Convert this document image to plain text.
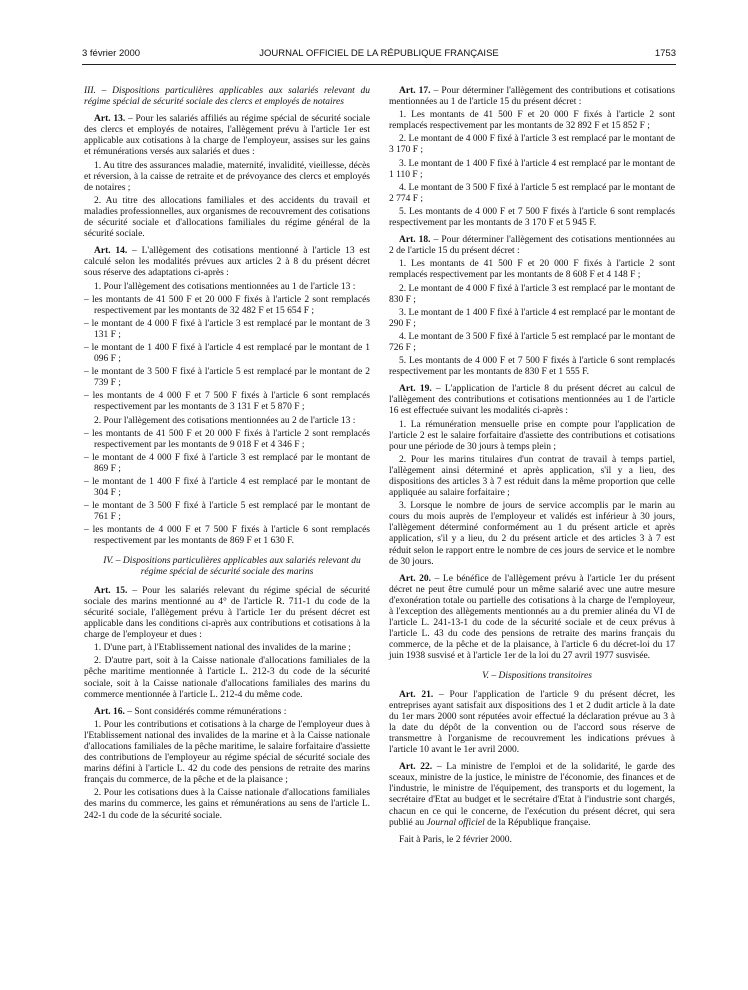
3 février 2000	JOURNAL OFFICIEL DE LA RÉPUBLIQUE FRANÇAISE	1753

III. – Dispositions particulières applicables aux salariés relevant du régime spécial de sécurité sociale des clercs et employés de notaires

Art. 13. – Pour les salariés affiliés au régime spécial de sécurité sociale des clercs et employés de notaires, l'allègement prévu à l'article 1er est applicable aux cotisations à la charge de l'employeur, assises sur les gains et rémunérations versés aux salariés et dues :

1. Au titre des assurances maladie, maternité, invalidité, vieillesse, décès et réversion, à la caisse de retraite et de prévoyance des clercs et employés de notaires ;

2. Au titre des allocations familiales et des accidents du travail et maladies professionnelles, aux organismes de recouvrement des cotisations de sécurité sociale et d'allocations familiales du régime général de la sécurité sociale.

Art. 14. – L'allègement des cotisations mentionné à l'article 13 est calculé selon les modalités prévues aux articles 2 à 8 du présent décret sous réserve des adaptations ci-après :

1. Pour l'allègement des cotisations mentionnées au 1 de l'article 13 :

– les montants de 41 500 F et 20 000 F fixés à l'article 2 sont remplacés respectivement par les montants de 32 482 F et 15 654 F ;

– le montant de 4 000 F fixé à l'article 3 est remplacé par le montant de 3 131 F ;

– le montant de 1 400 F fixé à l'article 4 est remplacé par le montant de 1 096 F ;

– le montant de 3 500 F fixé à l'article 5 est remplacé par le montant de 2 739 F ;

– les montants de 4 000 F et 7 500 F fixés à l'article 6 sont remplacés respectivement par les montants de 3 131 F et 5 870 F ;

2. Pour l'allègement des cotisations mentionnées au 2 de l'article 13 :

– les montants de 41 500 F et 20 000 F fixés à l'article 2 sont remplacés respectivement par les montants de 9 018 F et 4 346 F ;

– le montant de 4 000 F fixé à l'article 3 est remplacé par le montant de 869 F ;

– le montant de 1 400 F fixé à l'article 4 est remplacé par le montant de 304 F ;

– le montant de 3 500 F fixé à l'article 5 est remplacé par le montant de 761 F ;

– les montants de 4 000 F et 7 500 F fixés à l'article 6 sont remplacés respectivement par les montants de 869 F et 1 630 F.

IV. – Dispositions particulières applicables aux salariés relevant du régime spécial de sécurité sociale des marins

Art. 15. – Pour les salariés relevant du régime spécial de sécurité sociale des marins mentionné au 4° de l'article R. 711-1 du code de la sécurité sociale, l'allègement prévu à l'article 1er du présent décret est applicable dans les conditions ci-après aux contributions et cotisations à la charge de l'employeur et dues :

1. D'une part, à l'Etablissement national des invalides de la marine ;

2. D'autre part, soit à la Caisse nationale d'allocations familiales de la pêche maritime mentionnée à l'article L. 212-3 du code de la sécurité sociale, soit à la Caisse nationale d'allocations familiales des marins du commerce mentionnée à l'article L. 212-4 du même code.

Art. 16. – Sont considérés comme rémunérations :

1. Pour les contributions et cotisations à la charge de l'employeur dues à l'Etablissement national des invalides de la marine et à la Caisse nationale d'allocations familiales de la pêche maritime, le salaire forfaitaire d'assiette des contributions de l'employeur au régime spécial de sécurité sociale des marins défini à l'article L. 42 du code des pensions de retraite des marins français du commerce, de la pêche et de la plaisance ;

2. Pour les cotisations dues à la Caisse nationale d'allocations familiales des marins du commerce, les gains et rémunérations au sens de l'article L. 242-1 du code de la sécurité sociale.

Art. 17. – Pour déterminer l'allègement des contributions et cotisations mentionnées au 1 de l'article 15 du présent décret :

1. Les montants de 41 500 F et 20 000 F fixés à l'article 2 sont remplacés respectivement par les montants de 32 892 F et 15 852 F ;

2. Le montant de 4 000 F fixé à l'article 3 est remplacé par le montant de 3 170 F ;

3. Le montant de 1 400 F fixé à l'article 4 est remplacé par le montant de 1 110 F ;

4. Le montant de 3 500 F fixé à l'article 5 est remplacé par le montant de 2 774 F ;

5. Les montants de 4 000 F et 7 500 F fixés à l'article 6 sont remplacés respectivement par les montants de 3 170 F et 5 945 F.

Art. 18. – Pour déterminer l'allègement des cotisations mentionnées au 2 de l'article 15 du présent décret :

1. Les montants de 41 500 F et 20 000 F fixés à l'article 2 sont remplacés respectivement par les montants de 8 608 F et 4 148 F ;

2. Le montant de 4 000 F fixé à l'article 3 est remplacé par le montant de 830 F ;

3. Le montant de 1 400 F fixé à l'article 4 est remplacé par le montant de 290 F ;

4. Le montant de 3 500 F fixé à l'article 5 est remplacé par le montant de 726 F ;

5. Les montants de 4 000 F et 7 500 F fixés à l'article 6 sont remplacés respectivement par les montants de 830 F et 1 555 F.

Art. 19. – L'application de l'article 8 du présent décret au calcul de l'allègement des contributions et cotisations mentionnées au 1 de l'article 16 est effectuée suivant les modalités ci-après :

1. La rémunération mensuelle prise en compte pour l'application de l'article 2 est le salaire forfaitaire d'assiette des contributions et cotisations pour une période de 30 jours à temps plein ;

2. Pour les marins titulaires d'un contrat de travail à temps partiel, l'allègement ainsi déterminé et après application, s'il y a lieu, des dispositions des articles 3 à 7 est réduit dans la même proportion que celle appliquée au salaire forfaitaire ;

3. Lorsque le nombre de jours de service accomplis par le marin au cours du mois auprès de l'employeur et validés est inférieur à 30 jours, l'allègement déterminé conformément au 1 du présent article et après application, s'il y a lieu, du 2 du présent article et des articles 3 à 7 est réduit selon le rapport entre le nombre de ces jours de service et le nombre de 30 jours.

Art. 20. – Le bénéfice de l'allègement prévu à l'article 1er du présent décret ne peut être cumulé pour un même salarié avec une autre mesure d'exonération totale ou partielle des cotisations à la charge de l'employeur, à l'exception des allègements mentionnés au a du premier alinéa du VI de l'article L. 241-13-1 du code de la sécurité sociale et de ceux prévus à l'article L. 43 du code des pensions de retraite des marins français du commerce, de la pêche et de la plaisance, à l'article 6 du décret-loi du 17 juin 1938 susvisé et à l'article 1er de la loi du 27 avril 1977 susvisée.

V. – Dispositions transitoires

Art. 21. – Pour l'application de l'article 9 du présent décret, les entreprises ayant satisfait aux dispositions des 1 et 2 dudit article à la date du 1er mars 2000 sont réputées avoir effectué la déclaration prévue au 3 à la date du dépôt de la convention ou de l'accord sous réserve de transmettre à l'organisme de recouvrement les indications prévues à l'article 10 avant le 1er avril 2000.

Art. 22. – La ministre de l'emploi et de la solidarité, le garde des sceaux, ministre de la justice, le ministre de l'économie, des finances et de l'industrie, le ministre de l'équipement, des transports et du logement, la secrétaire d'Etat au budget et le secrétaire d'Etat à l'industrie sont chargés, chacun en ce qui le concerne, de l'exécution du présent décret, qui sera publié au Journal officiel de la République française.

Fait à Paris, le 2 février 2000.
